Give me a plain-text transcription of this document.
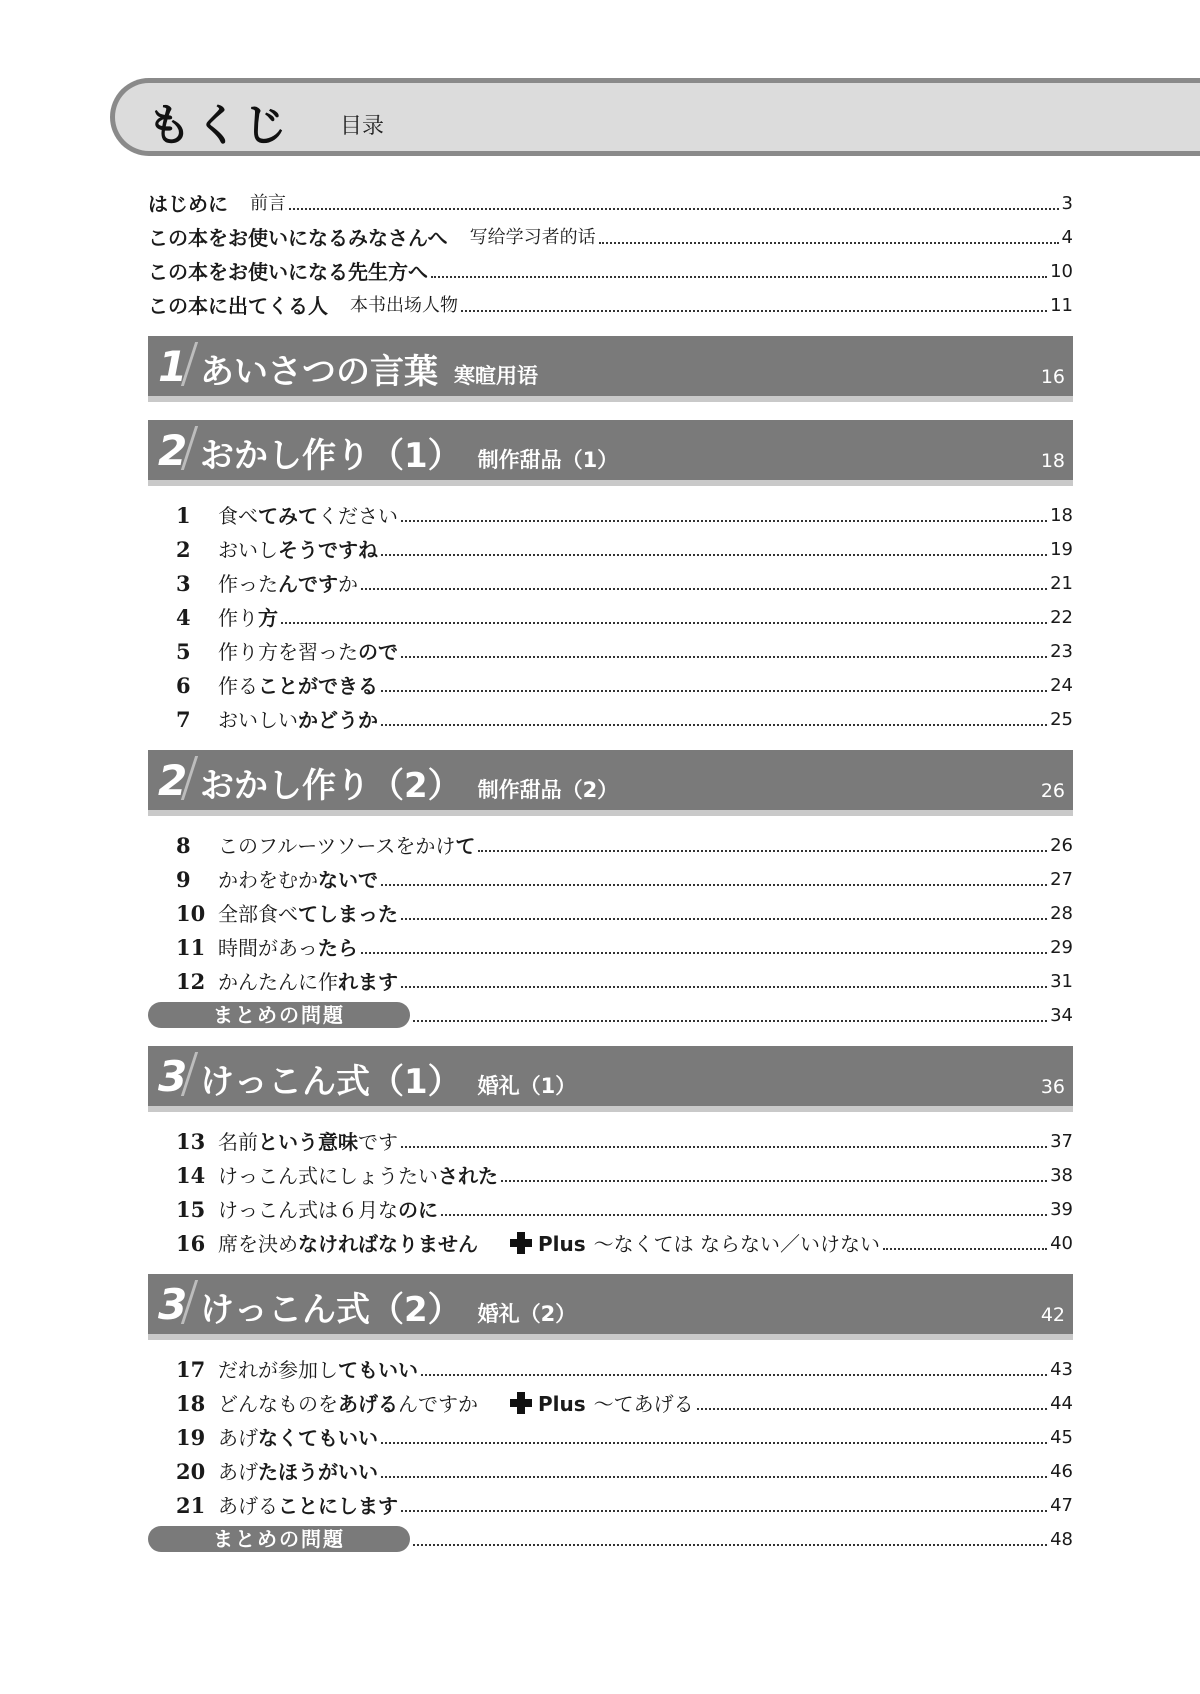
もくじ 目录
はじめに 前言	3
この本をお使いになるみなさんへ 写给学习者的话	4
この本をお使いになる先生方へ	10
この本に出てくる人 本书出场人物	11
1 あいさつの言葉 寒暄用语	16
2 おかし作り（1） 制作甜品（1）	18
1	食べてみてください	18
2	おいしそうですね	19
3	作ったんですか	21
4	作り方	22
5	作り方を習ったので	23
6	作ることができる	24
7	おいしいかどうか	25
2 おかし作り（2） 制作甜品（2）	26
8	このフルーツソースをかけて	26
9	かわをむかないで	27
10 全部食べてしまった	28
11 時間があったら	29
12 かんたんに作れます	31
まとめの問題	34
3 けっこん式（1） 婚礼（1）	36
13 名前という意味です	37
14 けっこん式にしょうたいされた	38
15 けっこん式は６月なのに	39
16 席を決めなければなりません	Plus ～なくては ならない／いけない	40
3 けっこん式（2） 婚礼（2）	42
17 だれが参加してもいい	43
18 どんなものをあげるんですか	Plus ～てあげる	44
19 あげなくてもいい	45
20 あげたほうがいい	46
21 あげることにします	47
まとめの問題	48
